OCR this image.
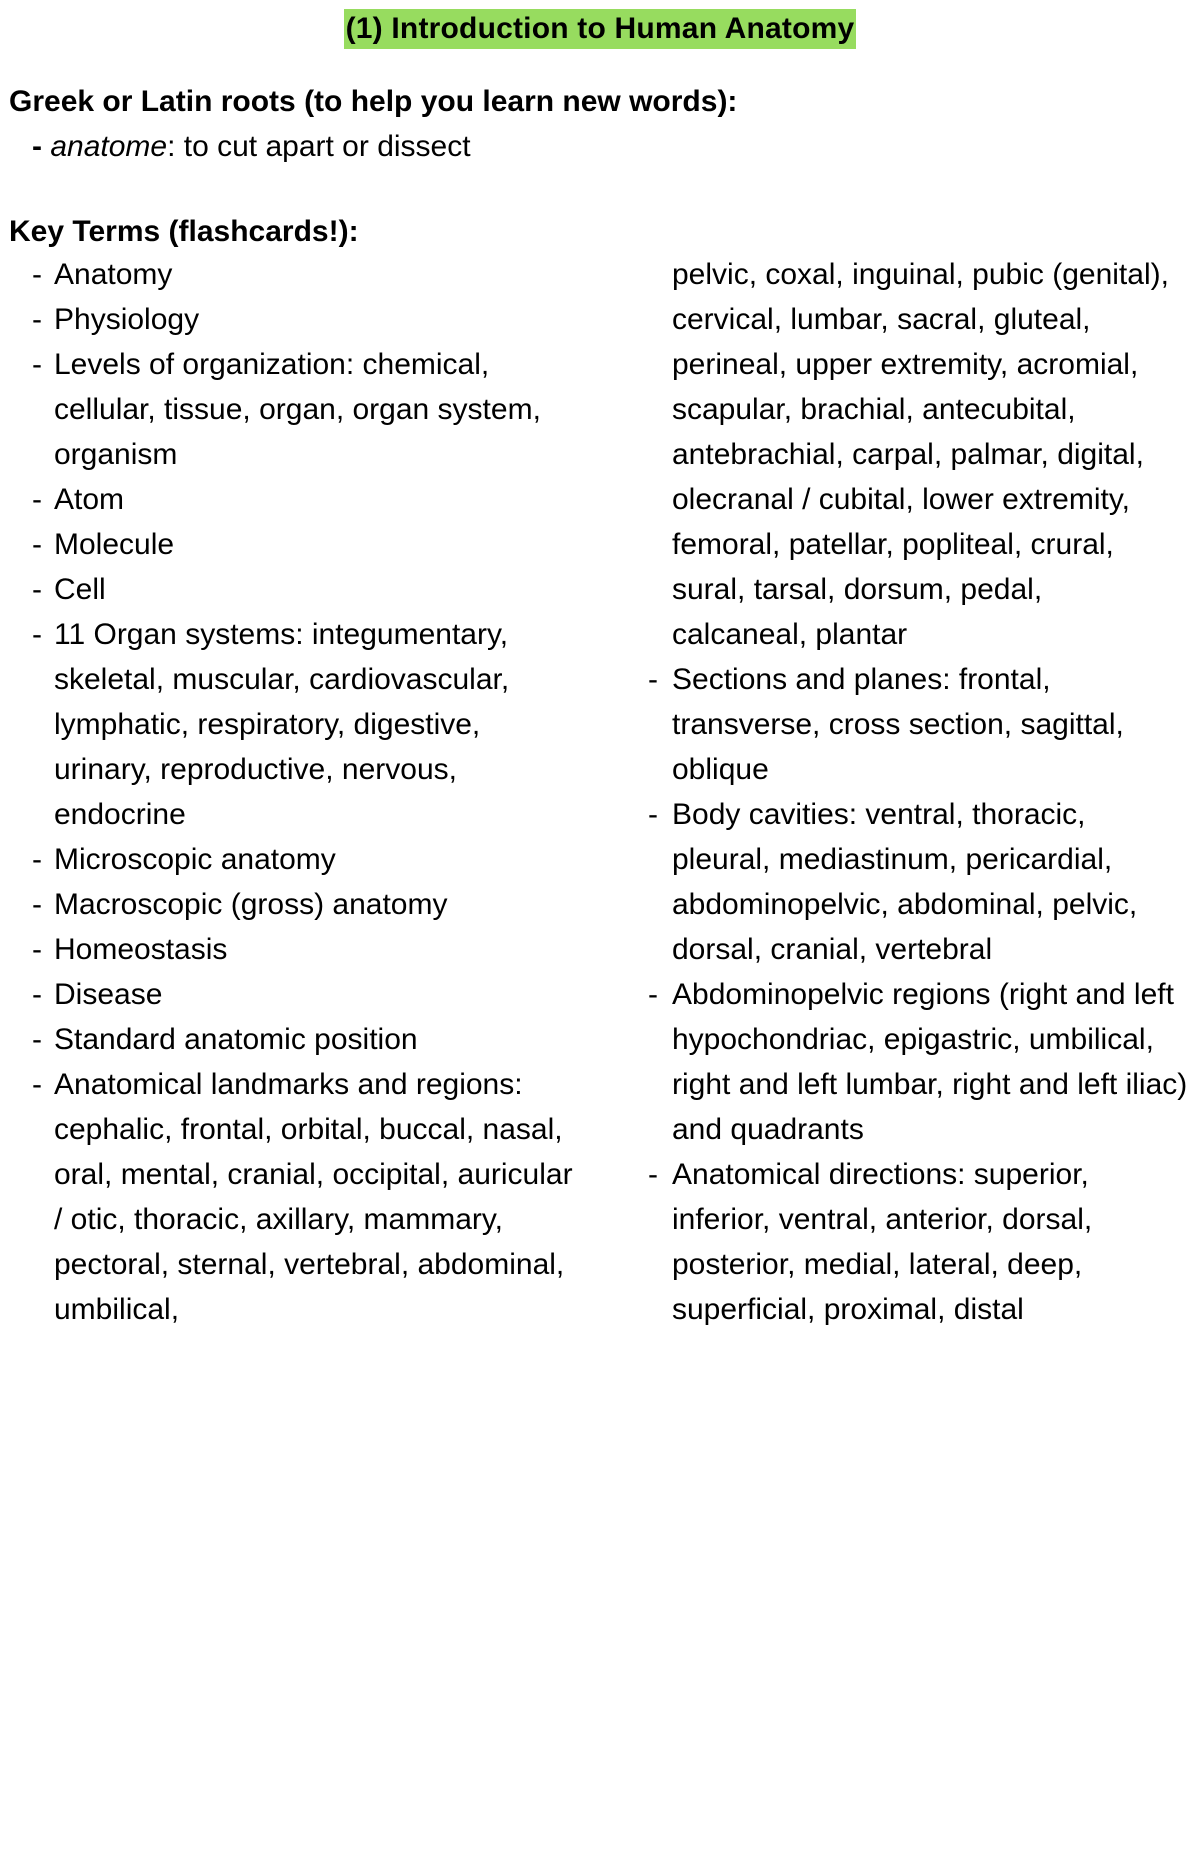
(1) Introduction to Human Anatomy
Greek or Latin roots (to help you learn new words):
- anatome: to cut apart or dissect
Key Terms (flashcards!):
- Anatomy
- Physiology
- Levels of organization: chemical, cellular, tissue, organ, organ system, organism
- Atom
- Molecule
- Cell
- 11 Organ systems: integumentary, skeletal, muscular, cardiovascular, lymphatic, respiratory, digestive, urinary, reproductive, nervous, endocrine
- Microscopic anatomy
- Macroscopic (gross) anatomy
- Homeostasis
- Disease
- Standard anatomic position
- Anatomical landmarks and regions: cephalic, frontal, orbital, buccal, nasal, oral, mental, cranial, occipital, auricular / otic, thoracic, axillary, mammary, pectoral, sternal, vertebral, abdominal, umbilical,
pelvic, coxal, inguinal, pubic (genital), cervical, lumbar, sacral, gluteal, perineal, upper extremity, acromial, scapular, brachial, antecubital, antebrachial, carpal, palmar, digital, olecranal / cubital, lower extremity, femoral, patellar, popliteal, crural, sural, tarsal, dorsum, pedal, calcaneal, plantar
- Sections and planes: frontal, transverse, cross section, sagittal, oblique
- Body cavities: ventral, thoracic, pleural, mediastinum, pericardial, abdominopelvic, abdominal, pelvic, dorsal, cranial, vertebral
- Abdominopelvic regions (right and left hypochondriac, epigastric, umbilical, right and left lumbar, right and left iliac) and quadrants
- Anatomical directions: superior, inferior, ventral, anterior, dorsal, posterior, medial, lateral, deep, superficial, proximal, distal
